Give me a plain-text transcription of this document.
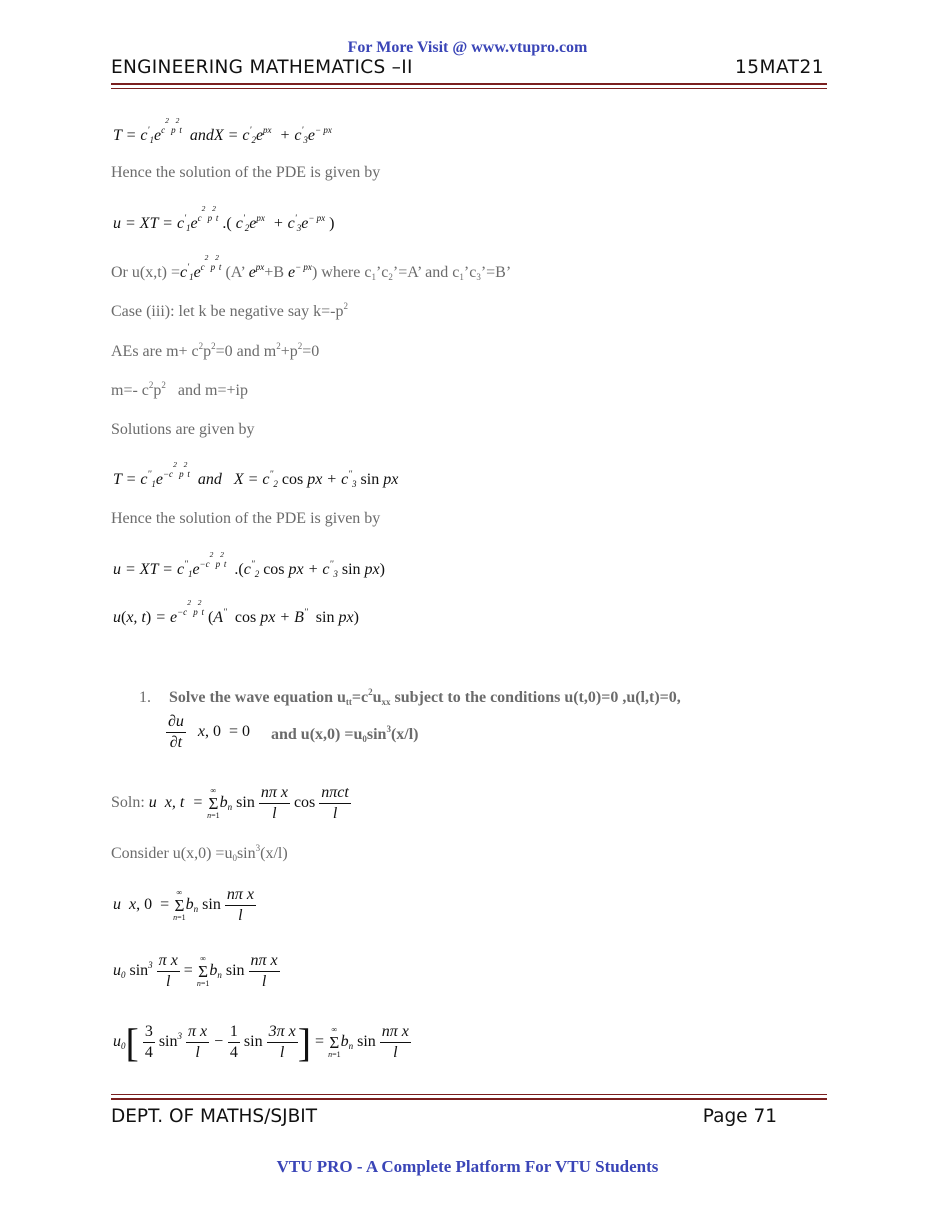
For More Visit @ www.vtupro.com
ENGINEERING MATHEMATICS –II	15MAT21
$T = c'_1e^{c^2 p^2t}$  andX = $c'_2e^{px} + c'_3e^{- px}$
Hence the solution of the PDE is given by
u = XT = $c'_1e^{c^2 p^2t}$ .( $c'_2e^{px} + c'_3e^{- px}$ )
Or $u(x,t) =c'_1e^{c^2 p^2t}$ (A’ $e^{px}+B$ $e^{- px}$) where $c_1’c_2’=A$’ and $c_1’c_3’=B$’
Case (iii): let k be negative say $k=-p^2$
AEs are $m+ c^2p^2=0$ and $m^2+p^2=0$
m=- $c^2p^2$ and m=+ip
Solutions are given by
$T = c''_1e^{-c^2 p^2t}$  and   $X = c''_2$ cos px + $c''_3$ sin px
Hence the solution of the PDE is given by
u = XT = $c''_1e^{-c^2 p^2t}$ $.(c''_2$ cos px + $c''_3$ sin px)
u(x, $t) = e^{-c^2 p^2t}$ (A'' cos px + B'' sin px)
1. Solve the wave equation $u_{tt}=c^2u_{xx}$ subject to the conditions u(t,0)=0 ,u(l,t)=0,
$\frac{\partial u}{\partial t} x$, 0  = 0 and $u(x,0) =u_0\sin^3(x/l)$
Soln: u  x, t  =
∞
Σ
n=1
$b_n$ $\sin \frac{\text{nπ x}}{l}$ $\cos \frac{\text{nπct}}{l}$
Consider $u(x,0) =u_0\sin^3(x/l)$
u  x, 0  =
∞
Σ
n=1
$b_n$ $\sin \frac{\text{nπ x}}{l}$
$u_0$ $\sin^3 \frac{\text{π x}}{l}$ =
∞
Σ
n=1
$b_n$ $\sin \frac{\text{nπ x}}{l}$
$u_0[ \frac{3}{4} \sin^3 \frac{\text{π x}}{l} - \frac{1}{4}$ $\sin \frac{\text{3π x}}{l}$ ] =
∞
Σ
n=1
$b_n$ $\sin \frac{\text{nπ x}}{l}$
DEPT. OF MATHS/SJBIT	Page 71
VTU PRO - A Complete Platform For VTU Students
